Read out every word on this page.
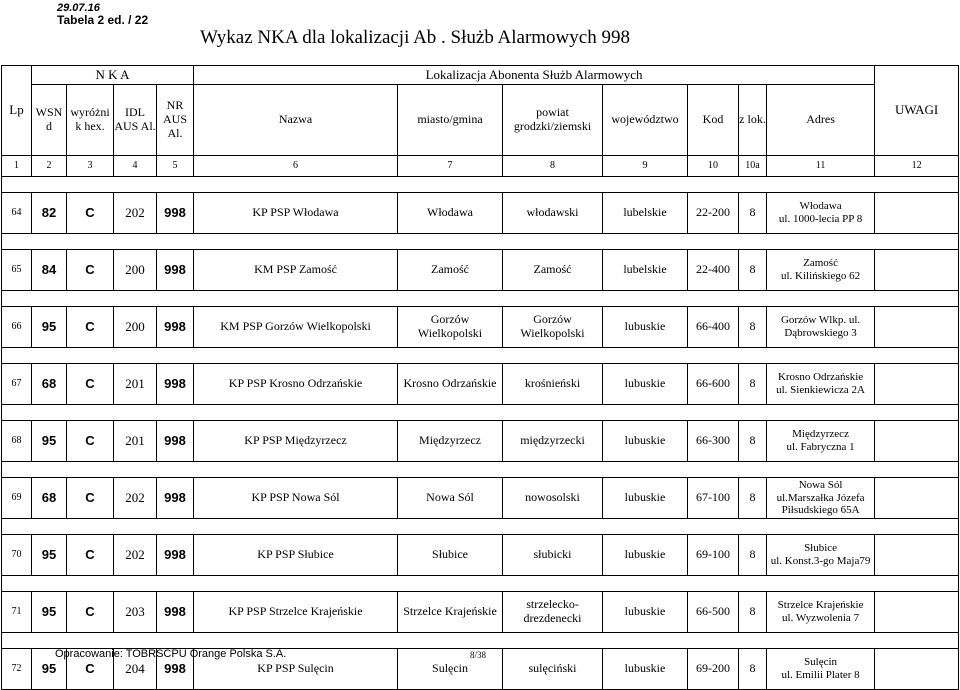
29.07.16
Tabela 2 ed. / 22
Wykaz NKA dla lokalizacji Ab . Służb Alarmowych 998
Lp	N K A				Lokalizacja Abonenta Służb Alarmowych							UWAGI
	WSN d	wyróżni k hex.	IDL AUS Al.	NR AUS Al.	Nazwa	miasto/gmina	powiat grodzki/ziemski	województwo	Kod	z lok.	Adres	
1	2	3	4	5	6	7	8	9	10	10a	11	12

64	82	C	202	998	KP PSP Włodawa	Włodawa	włodawski	lubelskie	22-200	8	Włodawa
ul. 1000-lecia PP 8	

65	84	C	200	998	KM PSP Zamość	Zamość	Zamość	lubelskie	22-400	8	Zamość
ul. Kilińskiego 62	

66	95	C	200	998	KM PSP Gorzów Wielkopolski	Gorzów Wielkopolski	Gorzów Wielkopolski	lubuskie	66-400	8	Gorzów Wlkp. ul.
Dąbrowskiego 3	

67	68	C	201	998	KP PSP Krosno Odrzańskie	Krosno Odrzańskie	krośnieński	lubuskie	66-600	8	Krosno Odrzańskie
ul. Sienkiewicza 2A	

68	95	C	201	998	KP PSP Międzyrzecz	Międzyrzecz	międzyrzecki	lubuskie	66-300	8	Międzyrzecz
ul. Fabryczna 1	

69	68	C	202	998	KP PSP Nowa Sól	Nowa Sól	nowosolski	lubuskie	67-100	8	Nowa Sól
ul.Marszałka Józefa
Piłsudskiego 65A	

70	95	C	202	998	KP PSP Słubice	Słubice	słubicki	lubuskie	69-100	8	Słubice
ul. Konst.3-go Maja79	

71	95	C	203	998	KP PSP Strzelce Krajeńskie	Strzelce Krajeńskie	strzelecko-drezdenecki	lubuskie	66-500	8	Strzelce Krajeńskie
ul. Wyzwolenia 7	

72	95	C	204	998	KP PSP Sulęcin	Sulęcin	sulęciński	lubuskie	69-200	8	Sulęcin
ul. Emilii Plater 8	

Opracowanie: TOBRSCPU Orange Polska S.A.	8/38
